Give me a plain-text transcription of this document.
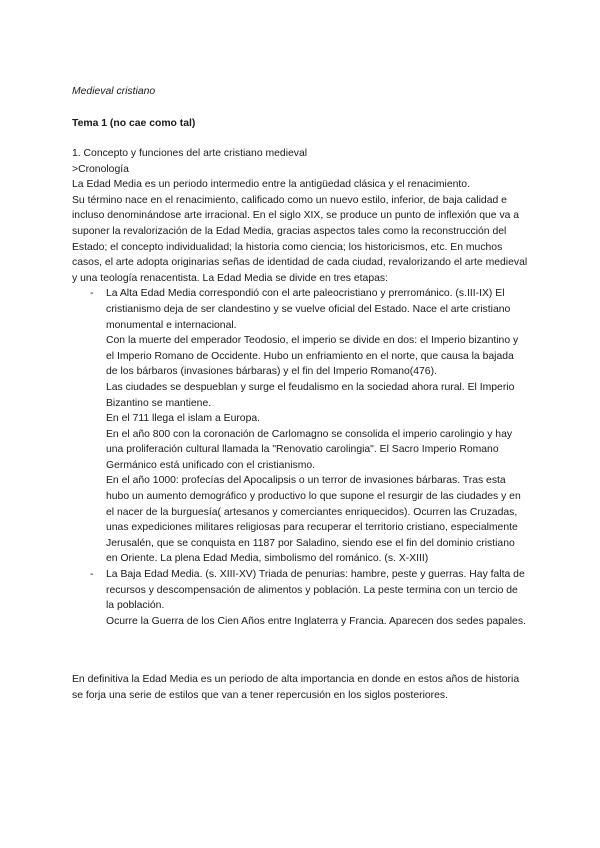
Medieval cristiano
Tema 1 (no cae como tal)

1. Concepto y funciones del arte cristiano medieval

>Cronología

La Edad Media es un periodo intermedio entre la antigüedad clásica y el renacimiento.

Su término nace en el renacimiento, calificado como un nuevo estilo, inferior, de baja calidad e incluso denominándose arte irracional. En el siglo XIX, se produce un punto de inflexión que va a suponer la revalorización de la Edad Media, gracias aspectos tales como la reconstrucción del Estado; el concepto individualidad; la historia como ciencia; los historicismos, etc. En muchos casos, el arte adopta originarias señas de identidad de cada ciudad, revalorizando el arte medieval y una teología renacentista. La Edad Media se divide en tres etapas:

- La Alta Edad Media correspondió con el arte paleocristiano y prerrománico. (s.III-IX) El cristianismo deja de ser clandestino y se vuelve oficial del Estado. Nace el arte cristiano monumental e internacional.

Con la muerte del emperador Teodosio, el imperio se divide en dos: el Imperio bizantino y el Imperio Romano de Occidente. Hubo un enfriamiento en el norte, que causa la bajada de los bárbaros (invasiones bárbaras) y el fin del Imperio Romano(476).

Las ciudades se despueblan y surge el feudalismo en la sociedad ahora rural. El Imperio Bizantino se mantiene.

En el 711 llega el islam a Europa.

En el año 800 con la coronación de Carlomagno se consolida el imperio carolingio y hay una proliferación cultural llamada la "Renovatio carolingia". El Sacro Imperio Romano Germánico está unificado con el cristianismo.

En el año 1000: profecías del Apocalipsis o un terror de invasiones bárbaras. Tras esta hubo un aumento demográfico y productivo lo que supone el resurgir de las ciudades y en el nacer de la burguesía( artesanos y comerciantes enriquecidos). Ocurren las Cruzadas, unas expediciones militares religiosas para recuperar el territorio cristiano, especialmente Jerusalén, que se conquista en 1187 por Saladino, siendo ese el fin del dominio cristiano en Oriente. La plena Edad Media, simbolismo del románico. (s. X-XIII)

- La Baja Edad Media. (s. XIII-XV) Triada de penurias: hambre, peste y guerras. Hay falta de recursos y descompensación de alimentos y población. La peste termina con un tercio de la población.

Ocurre la Guerra de los Cien Años entre Inglaterra y Francia. Aparecen dos sedes papales.

En definitiva la Edad Media es un periodo de alta importancia en donde en estos años de historia se forja una serie de estilos que van a tener repercusión en los siglos posteriores.
